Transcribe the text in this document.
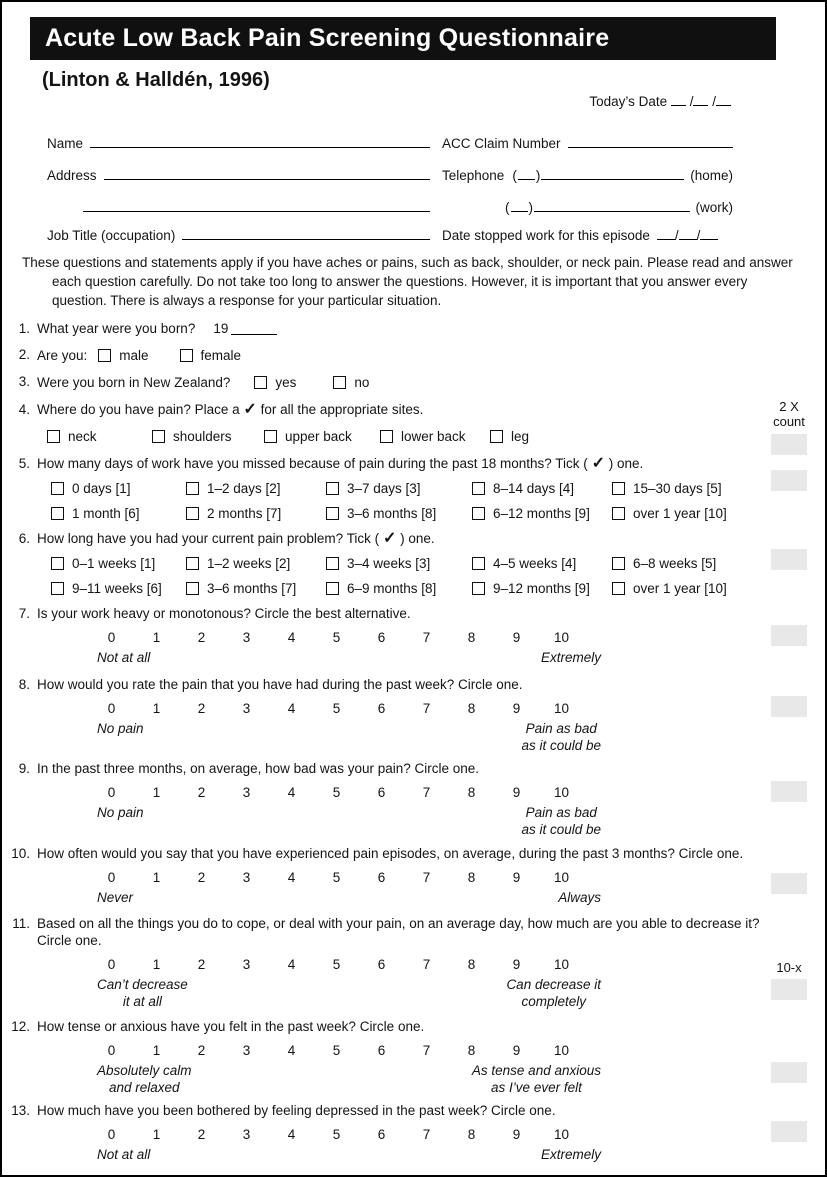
Acute Low Back Pain Screening Questionnaire
(Linton & Halldén, 1996)
Today’s Date / /
Name	ACC Claim Number
Address	Telephone ( )	(home)
( )	(work)
Job Title (occupation)	Date stopped work for this episode / /

These questions and statements apply if you have aches or pains, such as back, shoulder, or neck pain. Please read and answer each question carefully. Do not take too long to answer the questions. However, it is important that you answer every question. There is always a response for your particular situation.

1. What year were you born? 19
2. Are you: male	female
3. Were you born in New Zealand?	yes	no
4. Where do you have pain? Place a ✓ for all the appropriate sites.
neck	shoulders	upper back	lower back	leg
2 X
count
5. How many days of work have you missed because of pain during the past 18 months? Tick ( ✓ ) one.
0 days [1]	1–2 days [2]	3–7 days [3]	8–14 days [4]	15–30 days [5]
1 month [6]	2 months [7]	3–6 months [8]	6–12 months [9]	over 1 year [10]
6. How long have you had your current pain problem? Tick ( ✓ ) one.
0–1 weeks [1]	1–2 weeks [2]	3–4 weeks [3]	4–5 weeks [4]	6–8 weeks [5]
9–11 weeks [6]	3–6 months [7]	6–9 months [8]	9–12 months [9]	over 1 year [10]
7. Is your work heavy or monotonous? Circle the best alternative.
0	1	2	3	4	5	6	7	8	9	10
Not at all	Extremely
8. How would you rate the pain that you have had during the past week? Circle one.
0	1	2	3	4	5	6	7	8	9	10
No pain	Pain as bad
as it could be
9. In the past three months, on average, how bad was your pain? Circle one.
0	1	2	3	4	5	6	7	8	9	10
No pain	Pain as bad
as it could be
10. How often would you say that you have experienced pain episodes, on average, during the past 3 months? Circle one.
0	1	2	3	4	5	6	7	8	9	10
Never	Always
11. Based on all the things you do to cope, or deal with your pain, on an average day, how much are you able to decrease it? Circle one.
0	1	2	3	4	5	6	7	8	9	10
Can’t decrease
it at all
Can decrease it
completely
10-x
12. How tense or anxious have you felt in the past week? Circle one.
0	1	2	3	4	5	6	7	8	9	10
Absolutely calm
and relaxed
As tense and anxious
as I’ve ever felt
13. How much have you been bothered by feeling depressed in the past week? Circle one.
0	1	2	3	4	5	6	7	8	9	10
Not at all	Extremely
